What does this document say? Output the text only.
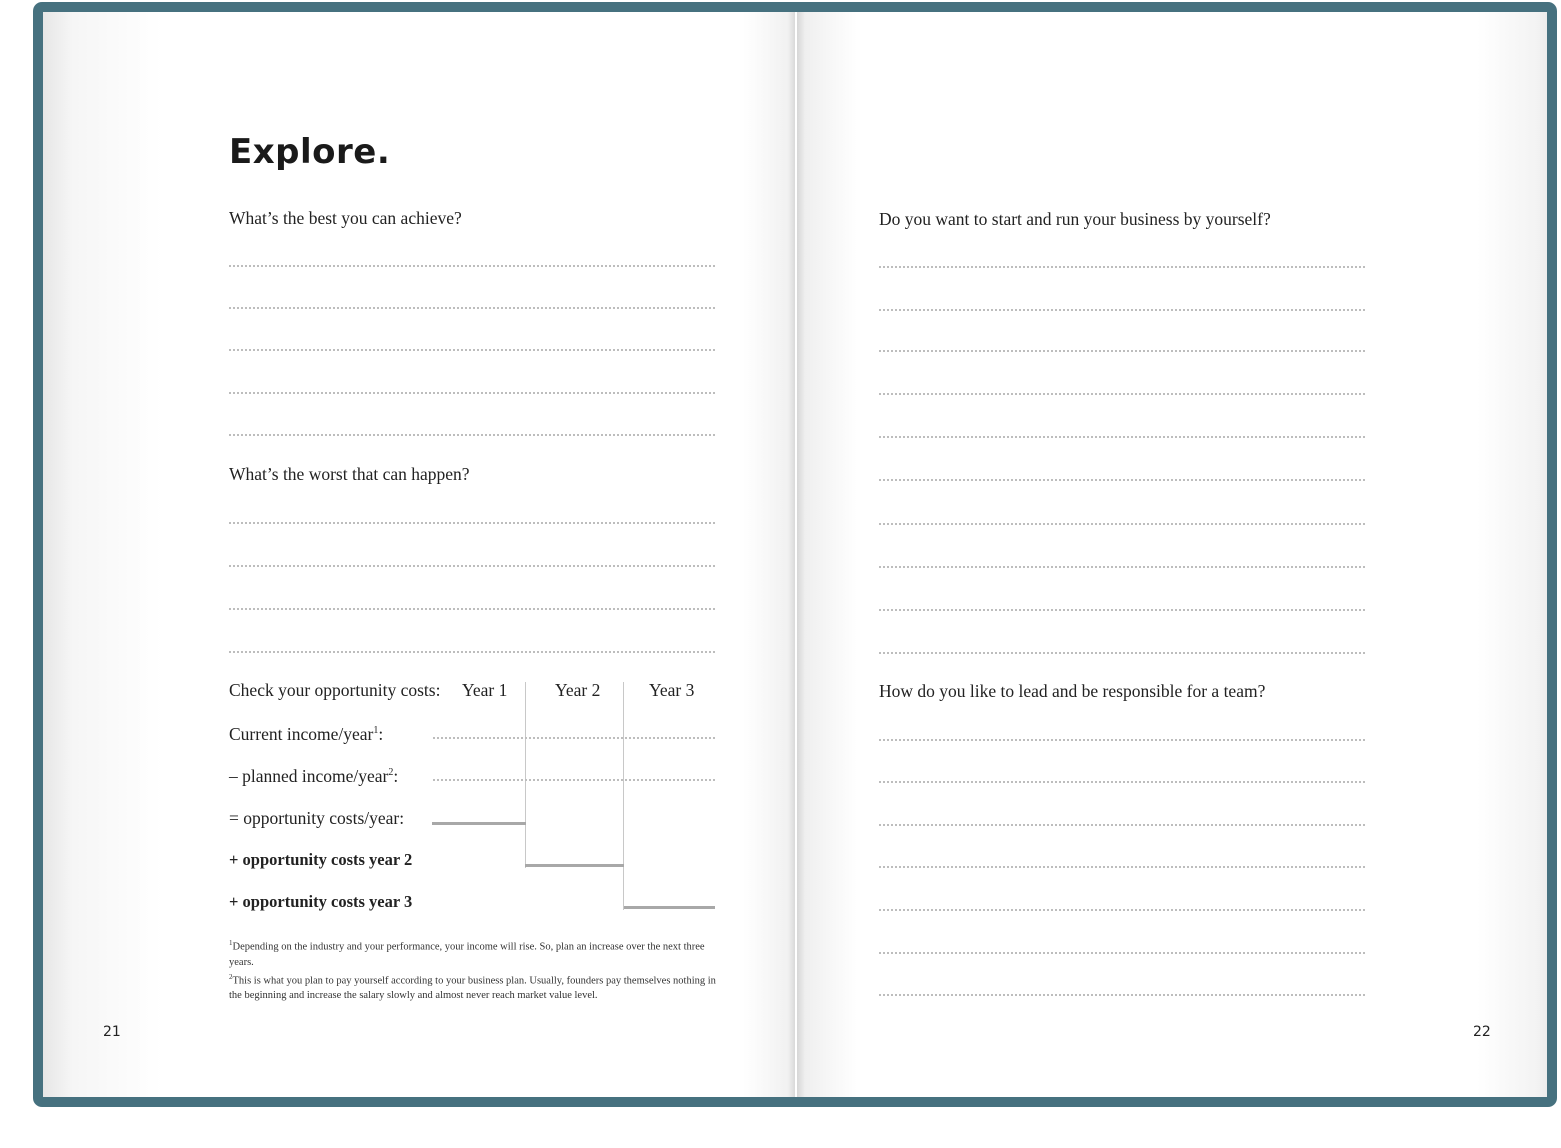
Explore.
What’s the best you can achieve?
What’s the worst that can happen?
Check your opportunity costs: Year 1	Year 2	Year 3
Current income/year$^1$:
– planned income/year$^2$:
= opportunity costs/year:
+ opportunity costs year 2
+ opportunity costs year 3
$^1$Depending on the industry and your performance, your income will rise. So, plan an increase over the next three years.
$^2$This is what you plan to pay yourself according to your business plan. Usually, founders pay themselves nothing in the beginning and increase the salary slowly and almost never reach market value level.
21
Do you want to start and run your business by yourself?
How do you like to lead and be responsible for a team?
22
